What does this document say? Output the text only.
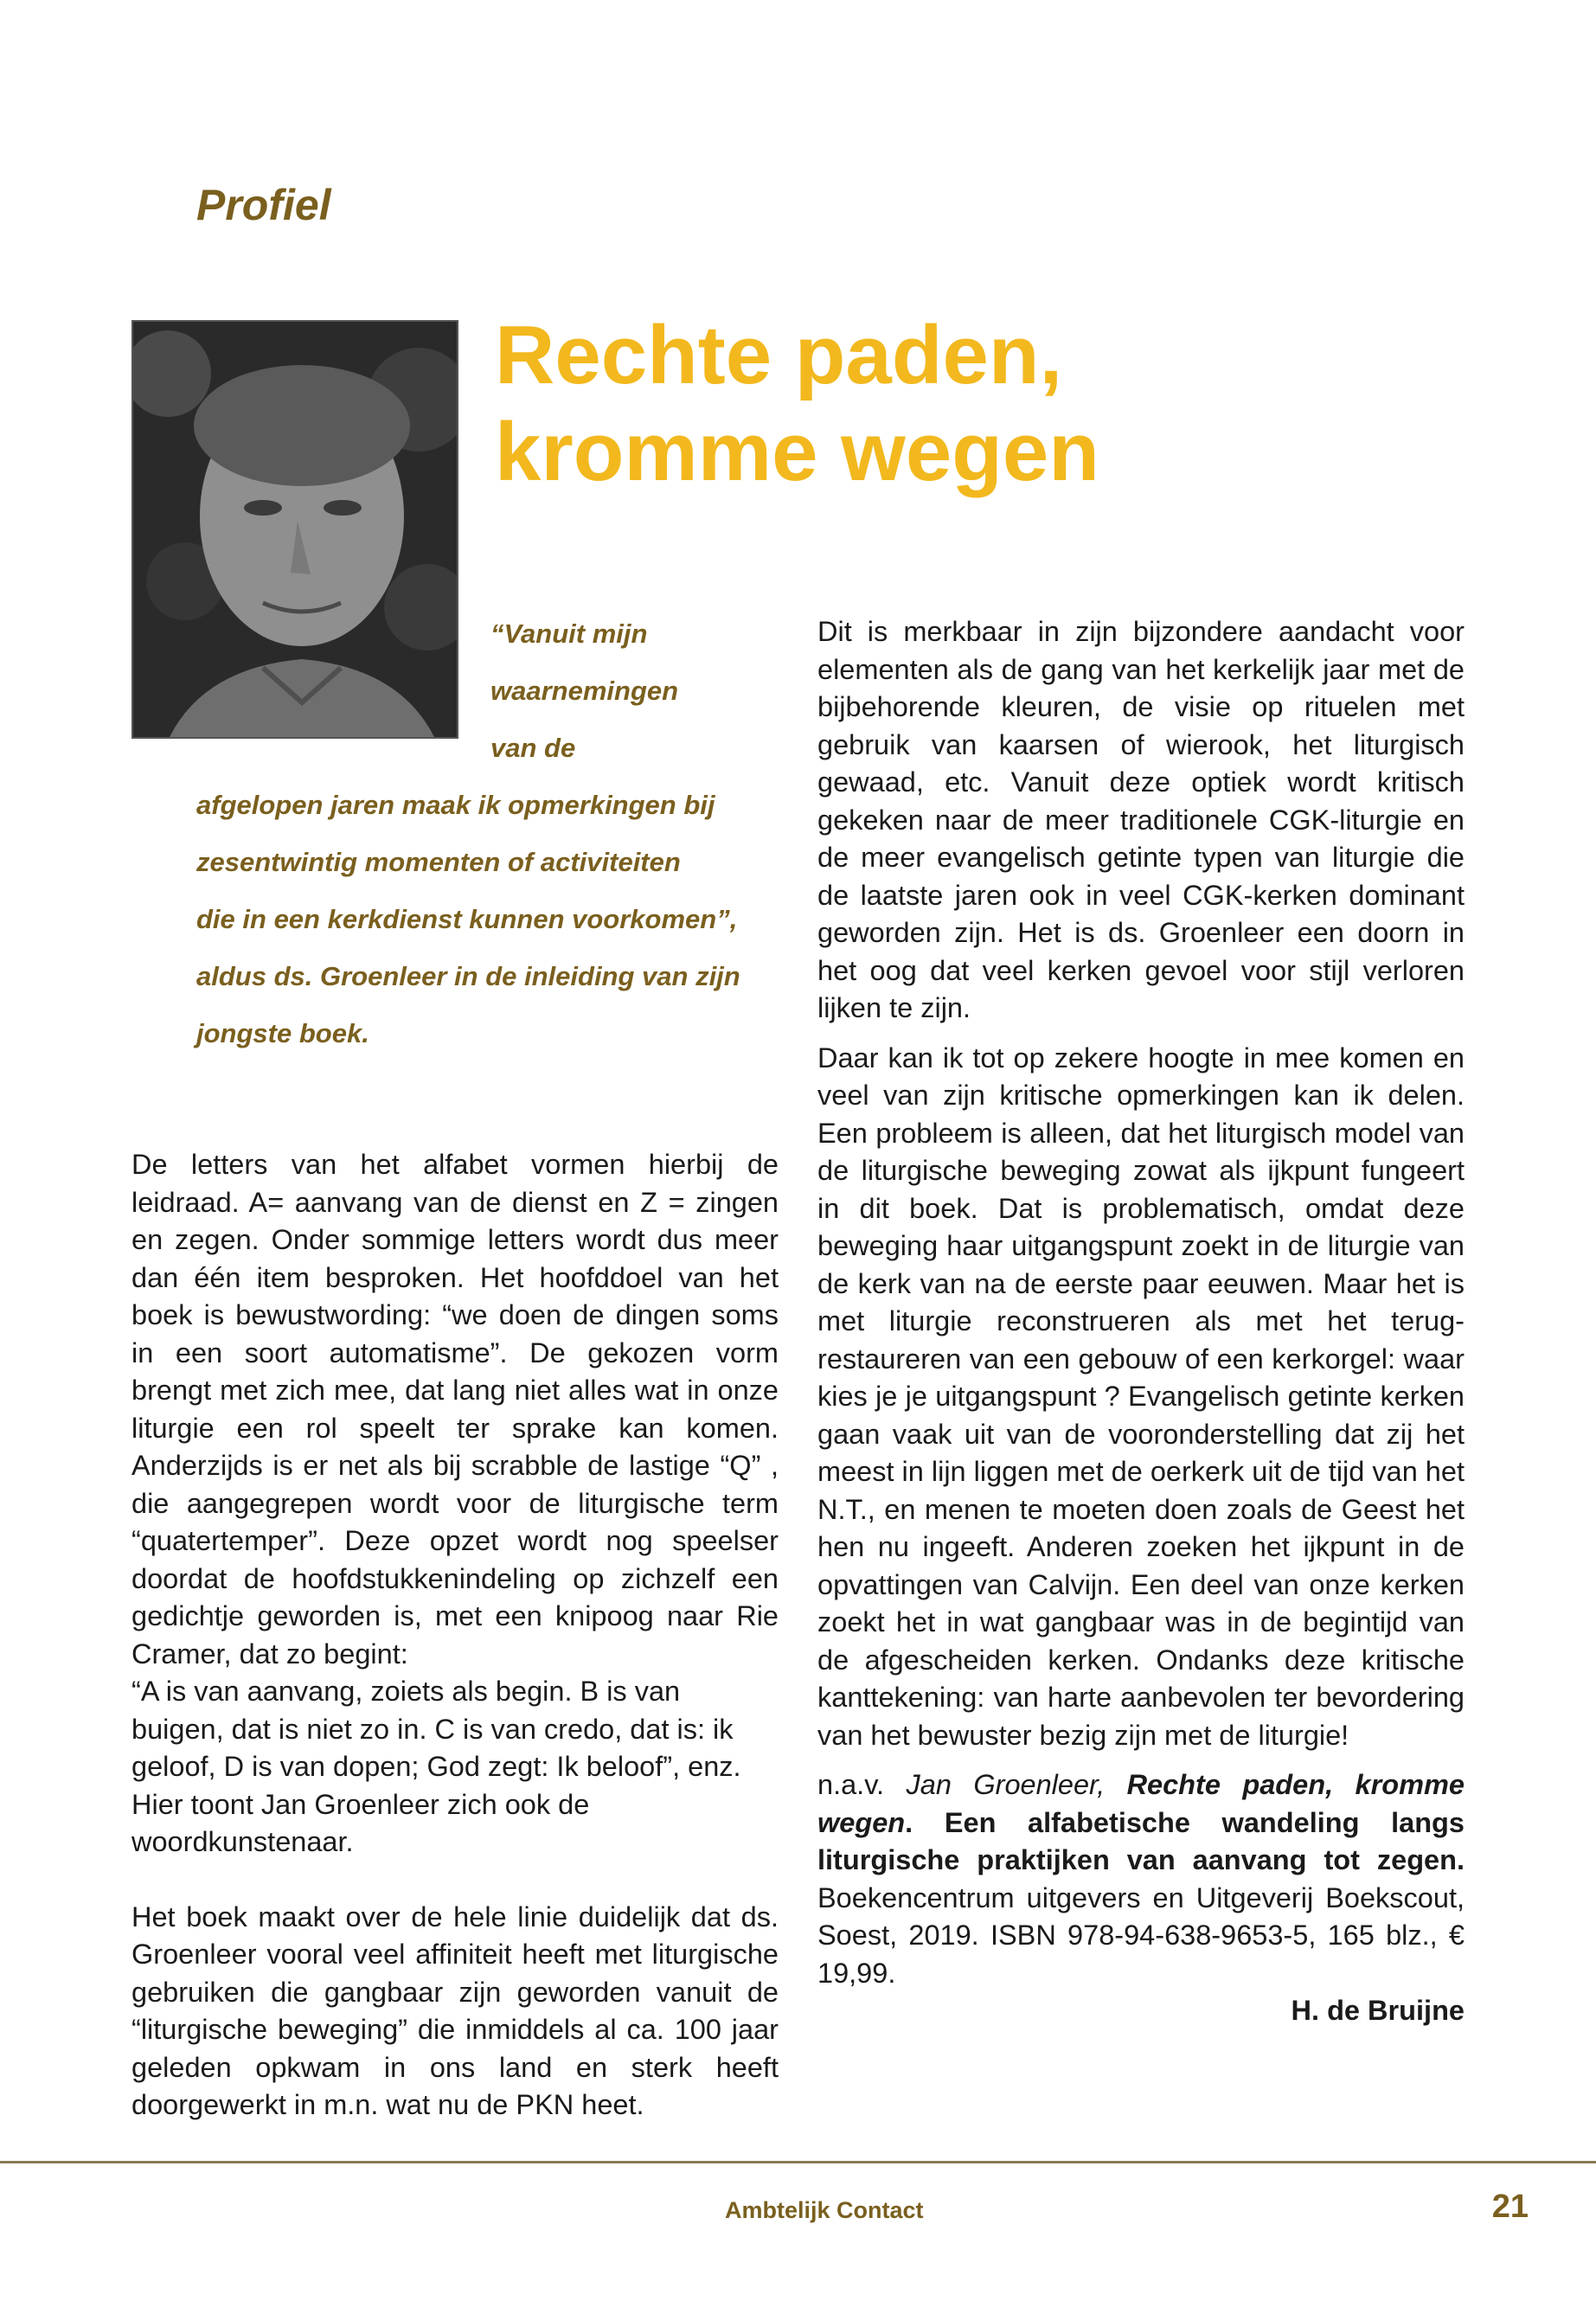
Profiel
Rechte paden,
kromme wegen

“Vanuit mijn
waarnemingen
van de
afgelopen jaren maak ik opmerkingen bij
zesentwintig momenten of activiteiten
die in een kerkdienst kunnen voorkomen”,
aldus ds. Groenleer in de inleiding van zijn
jongste boek.

De letters van het alfabet vormen hierbij de leidraad. A= aanvang van de dienst en Z = zingen en zegen. Onder sommige letters wordt dus meer dan één item besproken. Het hoofddoel van het boek is bewustwording: “we doen de dingen soms in een soort automatisme”. De gekozen vorm brengt met zich mee, dat lang niet alles wat in onze liturgie een rol speelt ter sprake kan komen. Anderzijds is er net als bij scrabble de lastige “Q” , die aangegrepen wordt voor de liturgische term “quatertemper”. Deze opzet wordt nog speelser doordat de hoofdstukkenindeling op zichzelf een gedichtje geworden is, met een knipoog naar Rie Cramer, dat zo begint:

“A is van aanvang, zoiets als begin. B is van buigen, dat is niet zo in. C is van credo, dat is: ik geloof, D is van dopen; God zegt: Ik beloof”, enz. Hier toont Jan Groenleer zich ook de woordkunstenaar.

Het boek maakt over de hele linie duidelijk dat ds. Groenleer vooral veel affiniteit heeft met liturgische gebruiken die gangbaar zijn geworden vanuit de “liturgische beweging” die inmiddels al ca. 100 jaar geleden opkwam in ons land en sterk heeft doorgewerkt in m.n. wat nu de PKN heet.

Dit is merkbaar in zijn bijzondere aandacht voor elementen als de gang van het kerkelijk jaar met de bijbehorende kleuren, de visie op rituelen met gebruik van kaarsen of wierook, het liturgisch gewaad, etc. Vanuit deze optiek wordt kritisch gekeken naar de meer traditionele CGK-liturgie en de meer evangelisch getinte typen van liturgie die de laatste jaren ook in veel CGK-kerken dominant geworden zijn. Het is ds. Groenleer een doorn in het oog dat veel kerken gevoel voor stijl verloren lijken te zijn.

Daar kan ik tot op zekere hoogte in mee komen en veel van zijn kritische opmerkingen kan ik delen. Een probleem is alleen, dat het liturgisch model van de liturgische beweging zowat als ijkpunt fungeert in dit boek. Dat is problematisch, omdat deze beweging haar uitgangspunt zoekt in de liturgie van de kerk van na de eerste paar eeuwen. Maar het is met liturgie reconstrueren als met het terug-restaureren van een gebouw of een kerkorgel: waar kies je je uitgangspunt ? Evangelisch getinte kerken gaan vaak uit van de vooronderstelling dat zij het meest in lijn liggen met de oerkerk uit de tijd van het N.T., en menen te moeten doen zoals de Geest het hen nu ingeeft. Anderen zoeken het ijkpunt in de opvattingen van Calvijn. Een deel van onze kerken zoekt het in wat gangbaar was in de begintijd van de afgescheiden kerken. Ondanks deze kritische kanttekening: van harte aanbevolen ter bevordering van het bewuster bezig zijn met de liturgie!

n.a.v. Jan Groenleer, Rechte paden, kromme wegen. Een alfabetische wandeling langs liturgische praktijken van aanvang tot zegen. Boekencentrum uitgevers en Uitgeverij Boekscout, Soest, 2019. ISBN 978-94-638-9653-5, 165 blz., € 19,99.

H. de Bruijne

Ambtelijk Contact	21
